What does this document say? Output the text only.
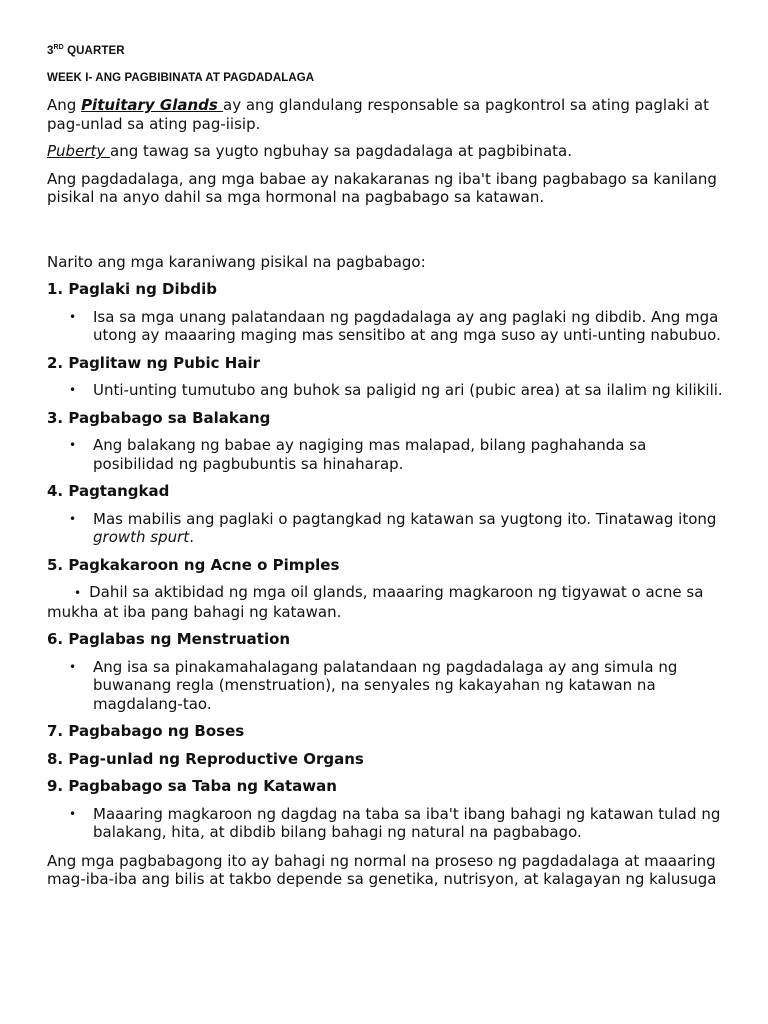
3RD QUARTER
WEEK I- ANG PAGBIBINATA AT PAGDADALAGA

Ang Pituitary Glands ay ang glandulang responsable sa pagkontrol sa ating paglaki at pag-unlad sa ating pag-iisip.

Puberty ang tawag sa yugto ngbuhay sa pagdadalaga at pagbibinata.

Ang pagdadalaga, ang mga babae ay nakakaranas ng iba't ibang pagbabago sa kanilang pisikal na anyo dahil sa mga hormonal na pagbabago sa katawan.

Narito ang mga karaniwang pisikal na pagbabago:

1. Paglaki ng Dibdib
• Isa sa mga unang palatandaan ng pagdadalaga ay ang paglaki ng dibdib. Ang mga utong ay maaaring maging mas sensitibo at ang mga suso ay unti-unting nabubuo.
2. Paglitaw ng Pubic Hair
• Unti-unting tumutubo ang buhok sa paligid ng ari (pubic area) at sa ilalim ng kilikili.
3. Pagbabago sa Balakang
• Ang balakang ng babae ay nagiging mas malapad, bilang paghahanda sa posibilidad ng pagbubuntis sa hinaharap.
4. Pagtangkad
• Mas mabilis ang paglaki o pagtangkad ng katawan sa yugtong ito. Tinatawag itong growth spurt.
5. Pagkakaroon ng Acne o Pimples

• Dahil sa aktibidad ng mga oil glands, maaaring magkaroon ng tigyawat o acne sa mukha at iba pang bahagi ng katawan.

6. Paglabas ng Menstruation
• Ang isa sa pinakamahalagang palatandaan ng pagdadalaga ay ang simula ng buwanang regla (menstruation), na senyales ng kakayahan ng katawan na magdalang-tao.
7. Pagbabago ng Boses
8. Pag-unlad ng Reproductive Organs
9. Pagbabago sa Taba ng Katawan
• Maaaring magkaroon ng dagdag na taba sa iba't ibang bahagi ng katawan tulad ng balakang, hita, at dibdib bilang bahagi ng natural na pagbabago.

Ang mga pagbabagong ito ay bahagi ng normal na proseso ng pagdadalaga at maaaring mag-iba-iba ang bilis at takbo depende sa genetika, nutrisyon, at kalagayan ng kalusuga
